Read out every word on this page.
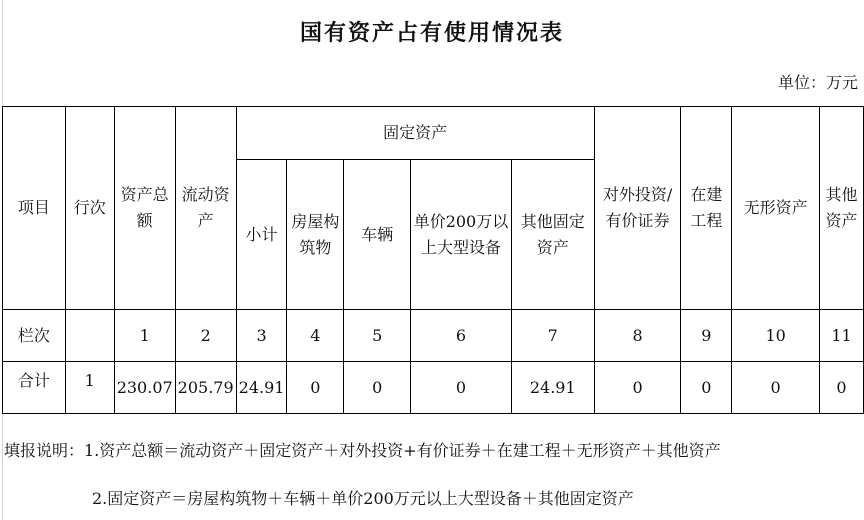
国有资产占有使用情况表
单位：万元
项目	行次	资产总额	流动资产	固定资产					对外投资/有价证券	在建工程	无形资产	其他资产
				小计	房屋构筑物	车辆	单价200万以上大型设备	其他固定资产				
栏次		1	2	3	4	5	6	7	8	9	10	11
合计	1	230.07	205.79	24.91	0	0	0	24.91	0	0	0	0
填报说明：1.资产总额＝流动资产＋固定资产＋对外投资+有价证券＋在建工程＋无形资产＋其他资产
2.固定资产＝房屋构筑物＋车辆＋单价200万元以上大型设备＋其他固定资产
